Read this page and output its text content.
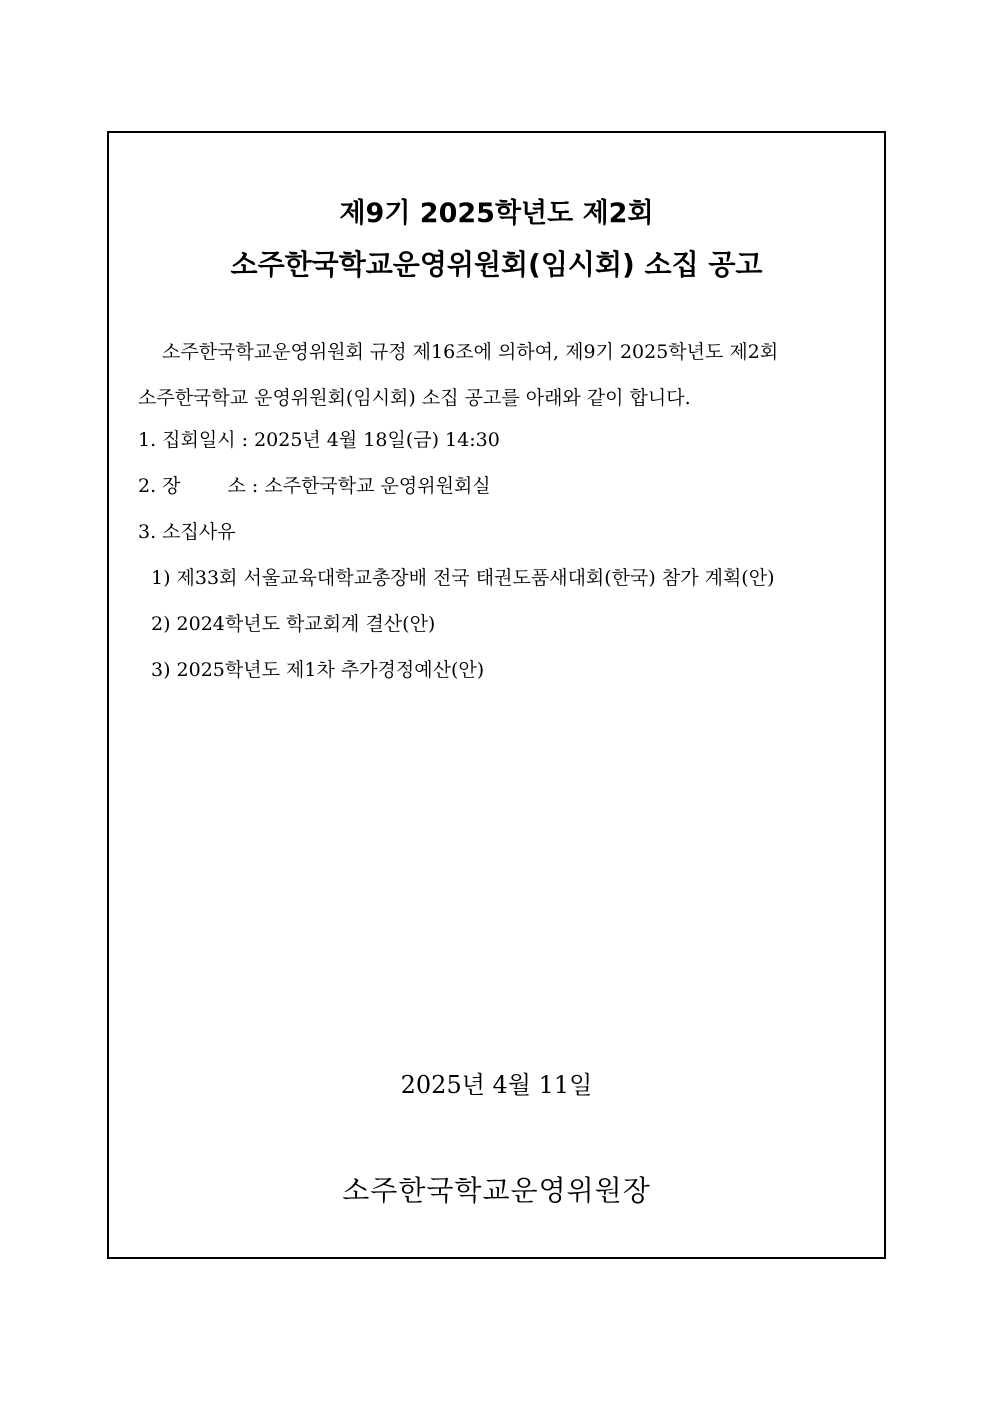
제9기 2025학년도 제2회
소주한국학교운영위원회(임시회) 소집 공고
소주한국학교운영위원회 규정 제16조에 의하여, 제9기 2025학년도 제2회
소주한국학교 운영위원회(임시회) 소집 공고를 아래와 같이 합니다.
1. 집회일시 : 2025년 4월 18일(금) 14:30
2. 장 소 : 소주한국학교 운영위원회실
3. 소집사유
1) 제33회 서울교육대학교총장배 전국 태권도품새대회(한국) 참가 계획(안)
2) 2024학년도 학교회계 결산(안)
3) 2025학년도 제1차 추가경정예산(안)
2025년 4월 11일
소주한국학교운영위원장
